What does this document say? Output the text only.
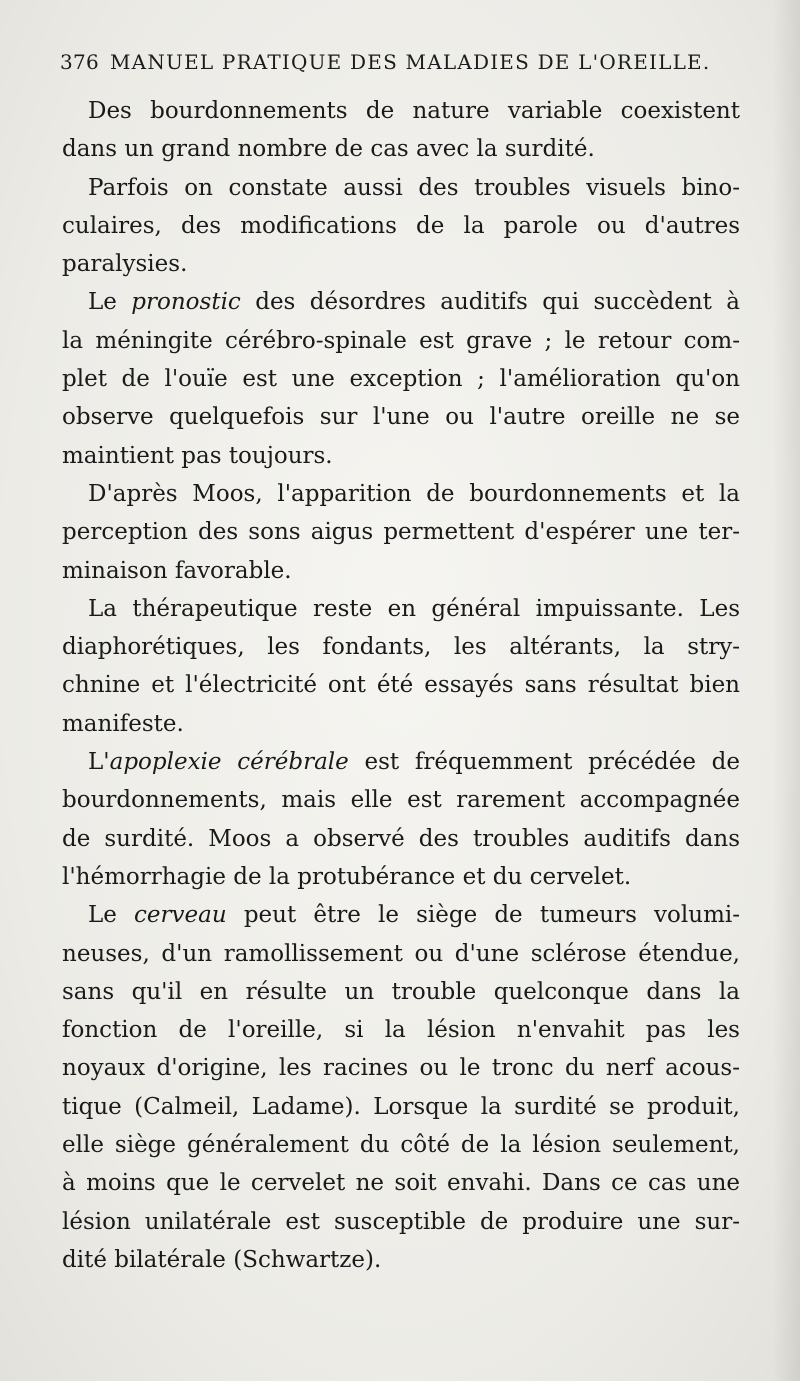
376 MANUEL PRATIQUE DES MALADIES DE L'OREILLE.
Des bourdonnements de nature variable coexistent
dans un grand nombre de cas avec la surdité.
Parfois on constate aussi des troubles visuels bino-
culaires, des modifications de la parole ou d'autres
paralysies.
Le pronostic des désordres auditifs qui succèdent à
la méningite cérébro-spinale est grave ; le retour com-
plet de l'ouïe est une exception ; l'amélioration qu'on
observe quelquefois sur l'une ou l'autre oreille ne se
maintient pas toujours.
D'après Moos, l'apparition de bourdonnements et la
perception des sons aigus permettent d'espérer une ter-
minaison favorable.
La thérapeutique reste en général impuissante. Les
diaphorétiques, les fondants, les altérants, la stry-
chnine et l'électricité ont été essayés sans résultat bien
manifeste.
L'apoplexie cérébrale est fréquemment précédée de
bourdonnements, mais elle est rarement accompagnée
de surdité. Moos a observé des troubles auditifs dans
l'hémorrhagie de la protubérance et du cervelet.
Le cerveau peut être le siège de tumeurs volumi-
neuses, d'un ramollissement ou d'une sclérose étendue,
sans qu'il en résulte un trouble quelconque dans la
fonction de l'oreille, si la lésion n'envahit pas les
noyaux d'origine, les racines ou le tronc du nerf acous-
tique (Calmeil, Ladame). Lorsque la surdité se produit,
elle siège généralement du côté de la lésion seulement,
à moins que le cervelet ne soit envahi. Dans ce cas une
lésion unilatérale est susceptible de produire une sur-
dité bilatérale (Schwartze).
